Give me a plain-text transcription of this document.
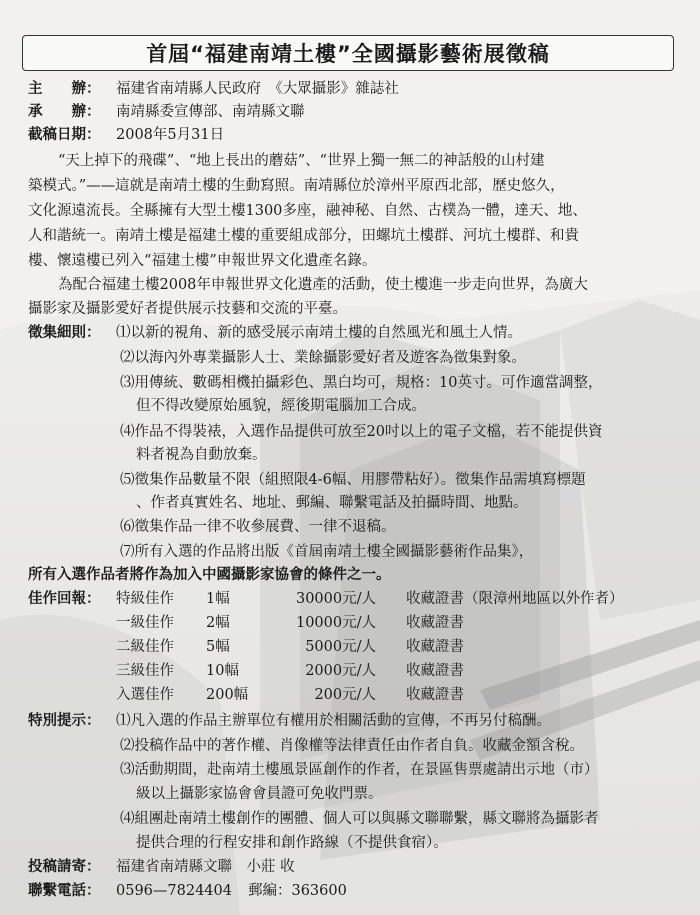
首屆“福建南靖土樓”全國攝影藝術展徵稿
主　　辦： 福建省南靖縣人民政府　《大眾攝影》雜誌社
承　　辦： 南靖縣委宣傳部、南靖縣文聯
截稿日期： 2008年5月31日
“天上掉下的飛碟”、“地上長出的蘑菇”、“世界上獨一無二的神話般的山村建
築模式。”——這就是南靖土樓的生動寫照。南靖縣位於漳州平原西北部，歷史悠久，
文化源遠流長。全縣擁有大型土樓1300多座，融神秘、自然、古樸為一體，達天、地、
人和諧統一。南靖土樓是福建土樓的重要組成部分，田螺坑土樓群、河坑土樓群、和貴
樓、懷遠樓已列入“福建土樓”申報世界文化遺產名錄。
為配合福建土樓2008年申報世界文化遺產的活動，使土樓進一步走向世界，為廣大
攝影家及攝影愛好者提供展示技藝和交流的平臺。
徵集細則： ⑴以新的視角、新的感受展示南靖土樓的自然風光和風土人情。
⑵以海內外專業攝影人士、業餘攝影愛好者及遊客為徵集對象。
⑶用傳統、數碼相機拍攝彩色、黑白均可，規格：10英寸。可作適當調整，
但不得改變原始風貌，經後期電腦加工合成。
⑷作品不得裝裱，入選作品提供可放至20吋以上的電子文檔，若不能提供資
料者視為自動放棄。
⑸徵集作品數量不限（組照限4-6幅、用膠帶粘好）。徵集作品需填寫標題
、作者真實姓名、地址、郵編、聯繫電話及拍攝時間、地點。
⑹徵集作品一律不收參展費、一律不退稿。
⑺所有入選的作品將出版《首屆南靖土樓全國攝影藝術作品集》，
所有入選作品者將作為加入中國攝影家協會的條件之一。
佳作回報： 特級佳作 1幅	30000元/人 收藏證書（限漳州地區以外作者）
一級佳作 2幅	10000元/人 收藏證書
二級佳作 5幅	5000元/人 收藏證書
三級佳作 10幅	2000元/人 收藏證書
入選佳作 200幅	200元/人 收藏證書
特別提示： ⑴凡入選的作品主辦單位有權用於相關活動的宣傳，不再另付稿酬。
⑵投稿作品中的著作權、肖像權等法律責任由作者自負。收藏金額含稅。
⑶活動期間，赴南靖土樓風景區創作的作者，在景區售票處請出示地（市）
級以上攝影家協會會員證可免收門票。
⑷組團赴南靖土樓創作的團體、個人可以與縣文聯聯繫，縣文聯將為攝影者
提供合理的行程安排和創作路線（不提供食宿）。
投稿請寄： 福建省南靖縣文聯　小莊 收
聯繫電話： 0596—7824404 郵編：363600
